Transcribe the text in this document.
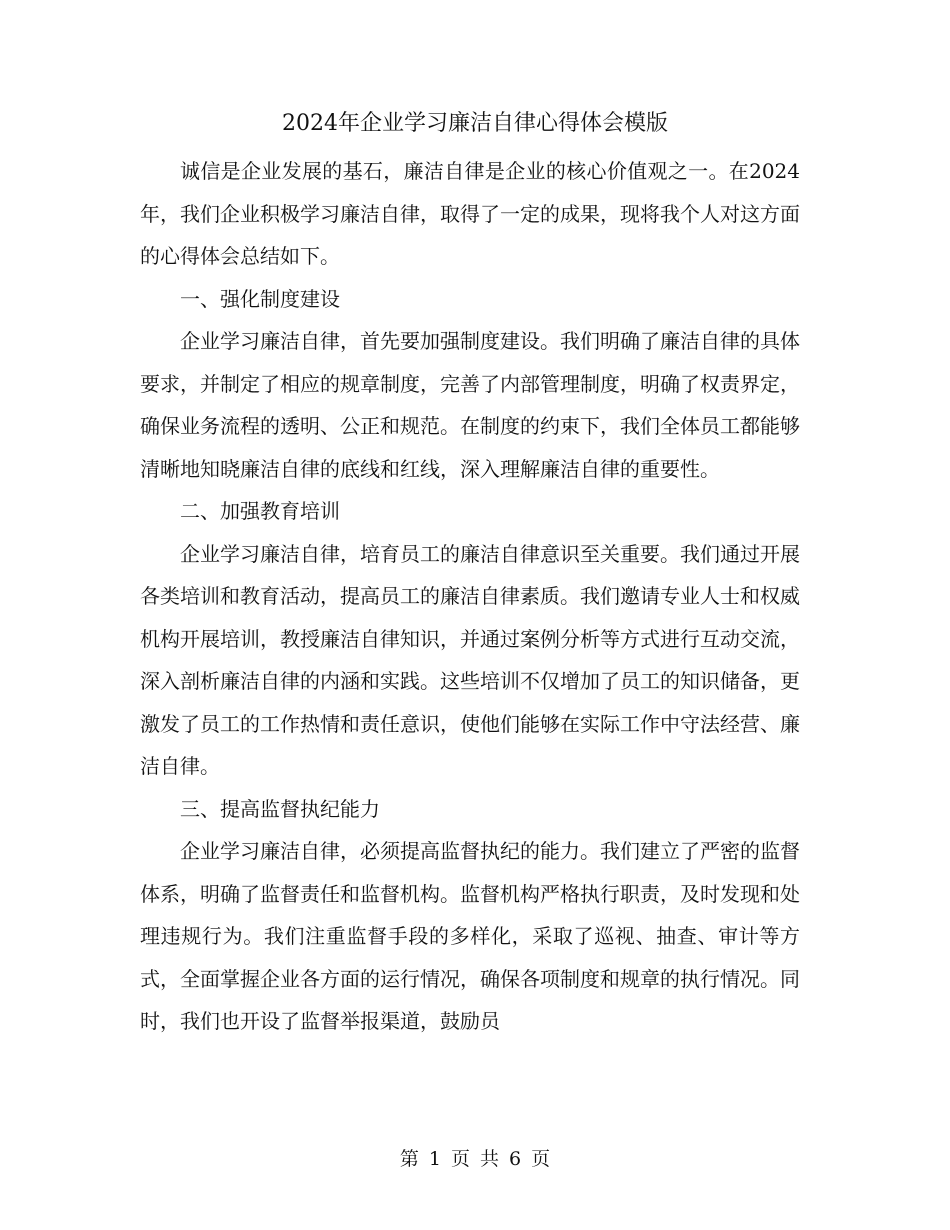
2024年企业学习廉洁自律心得体会模版

诚信是企业发展的基石，廉洁自律是企业的核心价值观之一。在2024年，我们企业积极学习廉洁自律，取得了一定的成果，现将我个人对这方面的心得体会总结如下。

一、强化制度建设

企业学习廉洁自律，首先要加强制度建设。我们明确了廉洁自律的具体要求，并制定了相应的规章制度，完善了内部管理制度，明确了权责界定，确保业务流程的透明、公正和规范。在制度的约束下，我们全体员工都能够清晰地知晓廉洁自律的底线和红线，深入理解廉洁自律的重要性。

二、加强教育培训

企业学习廉洁自律，培育员工的廉洁自律意识至关重要。我们通过开展各类培训和教育活动，提高员工的廉洁自律素质。我们邀请专业人士和权威机构开展培训，教授廉洁自律知识，并通过案例分析等方式进行互动交流，深入剖析廉洁自律的内涵和实践。这些培训不仅增加了员工的知识储备，更激发了员工的工作热情和责任意识，使他们能够在实际工作中守法经营、廉洁自律。

三、提高监督执纪能力

企业学习廉洁自律，必须提高监督执纪的能力。我们建立了严密的监督体系，明确了监督责任和监督机构。监督机构严格执行职责，及时发现和处理违规行为。我们注重监督手段的多样化，采取了巡视、抽查、审计等方式，全面掌握企业各方面的运行情况，确保各项制度和规章的执行情况。同时，我们也开设了监督举报渠道，鼓励员

第 1 页 共 6 页
